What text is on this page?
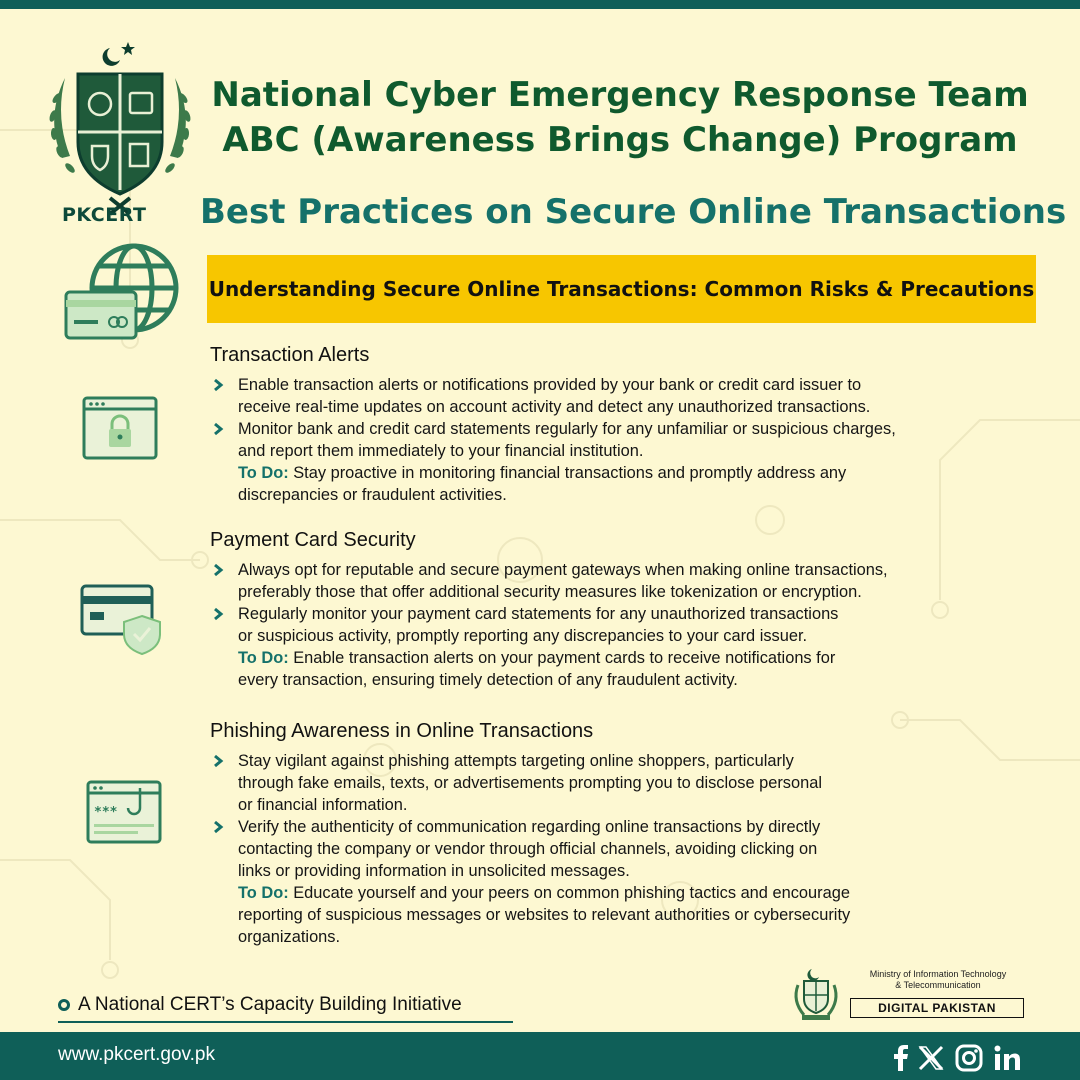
PKCERT
National Cyber Emergency Response Team
ABC (Awareness Brings Change) Program
Best Practices on Secure Online Transactions
Understanding Secure Online Transactions: Common Risks & Precautions
***
Transaction Alerts
Enable transaction alerts or notifications provided by your bank or credit card issuer to
receive real-time updates on account activity and detect any unauthorized transactions.
Monitor bank and credit card statements regularly for any unfamiliar or suspicious charges,
and report them immediately to your financial institution.
To Do: Stay proactive in monitoring financial transactions and promptly address any
discrepancies or fraudulent activities.
Payment Card Security
Always opt for reputable and secure payment gateways when making online transactions,
preferably those that offer additional security measures like tokenization or encryption.
Regularly monitor your payment card statements for any unauthorized transactions
or suspicious activity, promptly reporting any discrepancies to your card issuer.
To Do: Enable transaction alerts on your payment cards to receive notifications for
every transaction, ensuring timely detection of any fraudulent activity.
Phishing Awareness in Online Transactions
Stay vigilant against phishing attempts targeting online shoppers, particularly
through fake emails, texts, or advertisements prompting you to disclose personal
or financial information.
Verify the authenticity of communication regarding online transactions by directly
contacting the company or vendor through official channels, avoiding clicking on
links or providing information in unsolicited messages.
To Do: Educate yourself and your peers on common phishing tactics and encourage
reporting of suspicious messages or websites to relevant authorities or cybersecurity
organizations.
A National CERT’s Capacity Building Initiative
Ministry of Information Technology
& Telecommunication
DIGITAL PAKISTAN
www.pkcert.gov.pk
